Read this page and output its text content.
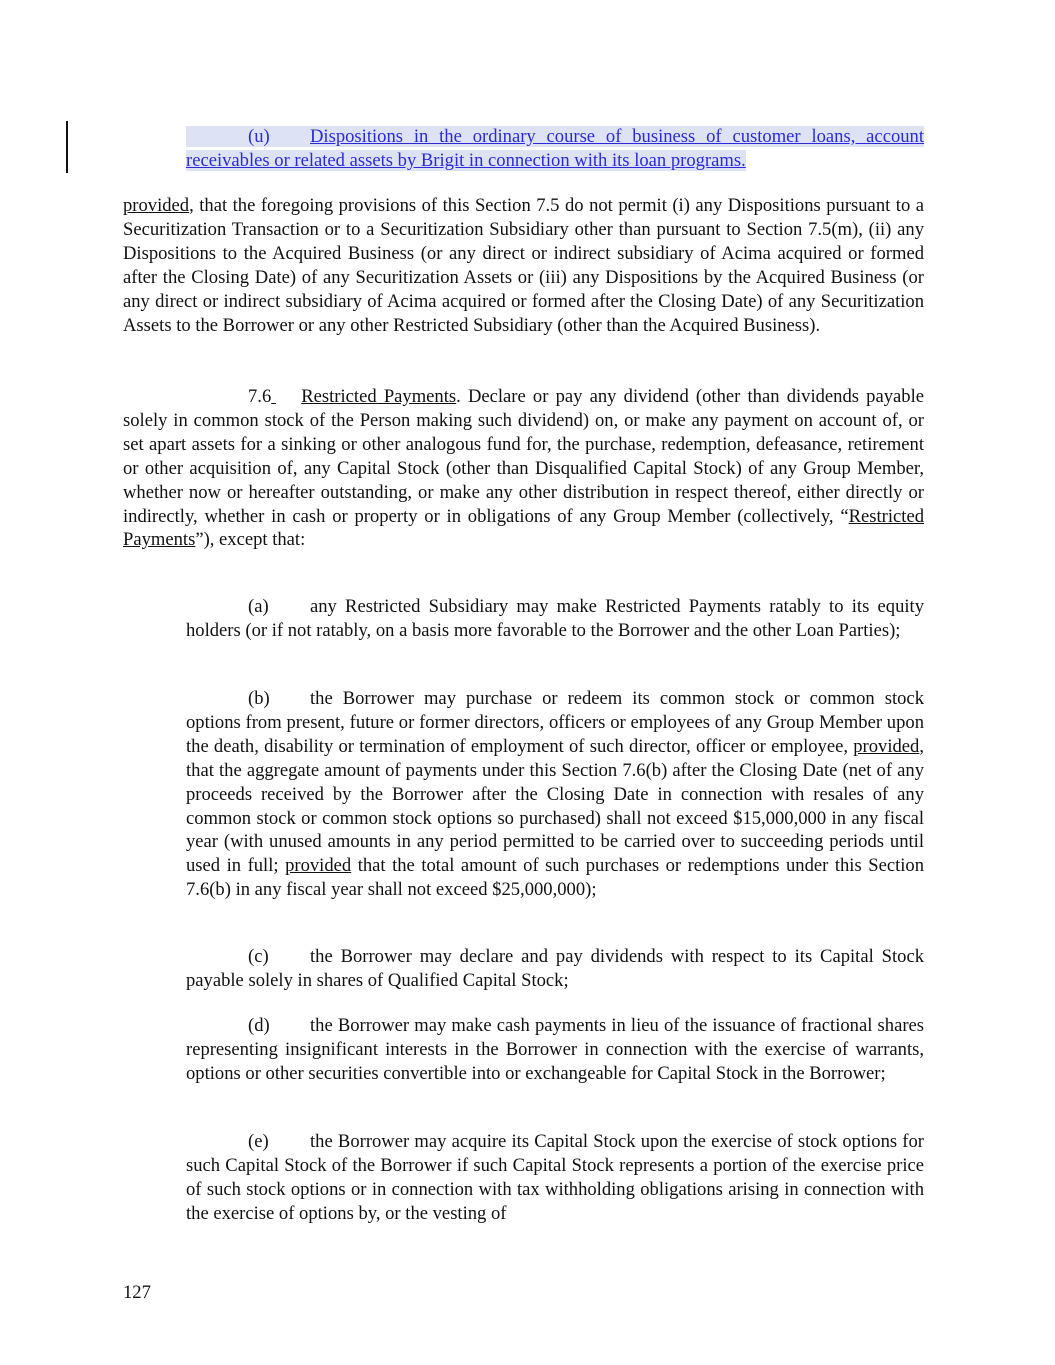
(u) Dispositions in the ordinary course of business of customer loans, account receivables or related assets by Brigit in connection with its loan programs.

provided, that the foregoing provisions of this Section 7.5 do not permit (i) any Dispositions pursuant to a Securitization Transaction or to a Securitization Subsidiary other than pursuant to Section 7.5(m), (ii) any Dispositions to the Acquired Business (or any direct or indirect subsidiary of Acima acquired or formed after the Closing Date) of any Securitization Assets or (iii) any Dispositions by the Acquired Business (or any direct or indirect subsidiary of Acima acquired or formed after the Closing Date) of any Securitization Assets to the Borrower or any other Restricted Subsidiary (other than the Acquired Business).

7.6 Restricted Payments. Declare or pay any dividend (other than dividends payable solely in common stock of the Person making such dividend) on, or make any payment on account of, or set apart assets for a sinking or other analogous fund for, the purchase, redemption, defeasance, retirement or other acquisition of, any Capital Stock (other than Disqualified Capital Stock) of any Group Member, whether now or hereafter outstanding, or make any other distribution in respect thereof, either directly or indirectly, whether in cash or property or in obligations of any Group Member (collectively, “Restricted Payments”), except that:

(a) any Restricted Subsidiary may make Restricted Payments ratably to its equity holders (or if not ratably, on a basis more favorable to the Borrower and the other Loan Parties);

(b) the Borrower may purchase or redeem its common stock or common stock options from present, future or former directors, officers or employees of any Group Member upon the death, disability or termination of employment of such director, officer or employee, provided, that the aggregate amount of payments under this Section 7.6(b) after the Closing Date (net of any proceeds received by the Borrower after the Closing Date in connection with resales of any common stock or common stock options so purchased) shall not exceed $15,000,000 in any fiscal year (with unused amounts in any period permitted to be carried over to succeeding periods until used in full; provided that the total amount of such purchases or redemptions under this Section 7.6(b) in any fiscal year shall not exceed $25,000,000);

(c) the Borrower may declare and pay dividends with respect to its Capital Stock payable solely in shares of Qualified Capital Stock;

(d) the Borrower may make cash payments in lieu of the issuance of fractional shares representing insignificant interests in the Borrower in connection with the exercise of warrants, options or other securities convertible into or exchangeable for Capital Stock in the Borrower;

(e) the Borrower may acquire its Capital Stock upon the exercise of stock options for such Capital Stock of the Borrower if such Capital Stock represents a portion of the exercise price of such stock options or in connection with tax withholding obligations arising in connection with the exercise of options by, or the vesting of

127
